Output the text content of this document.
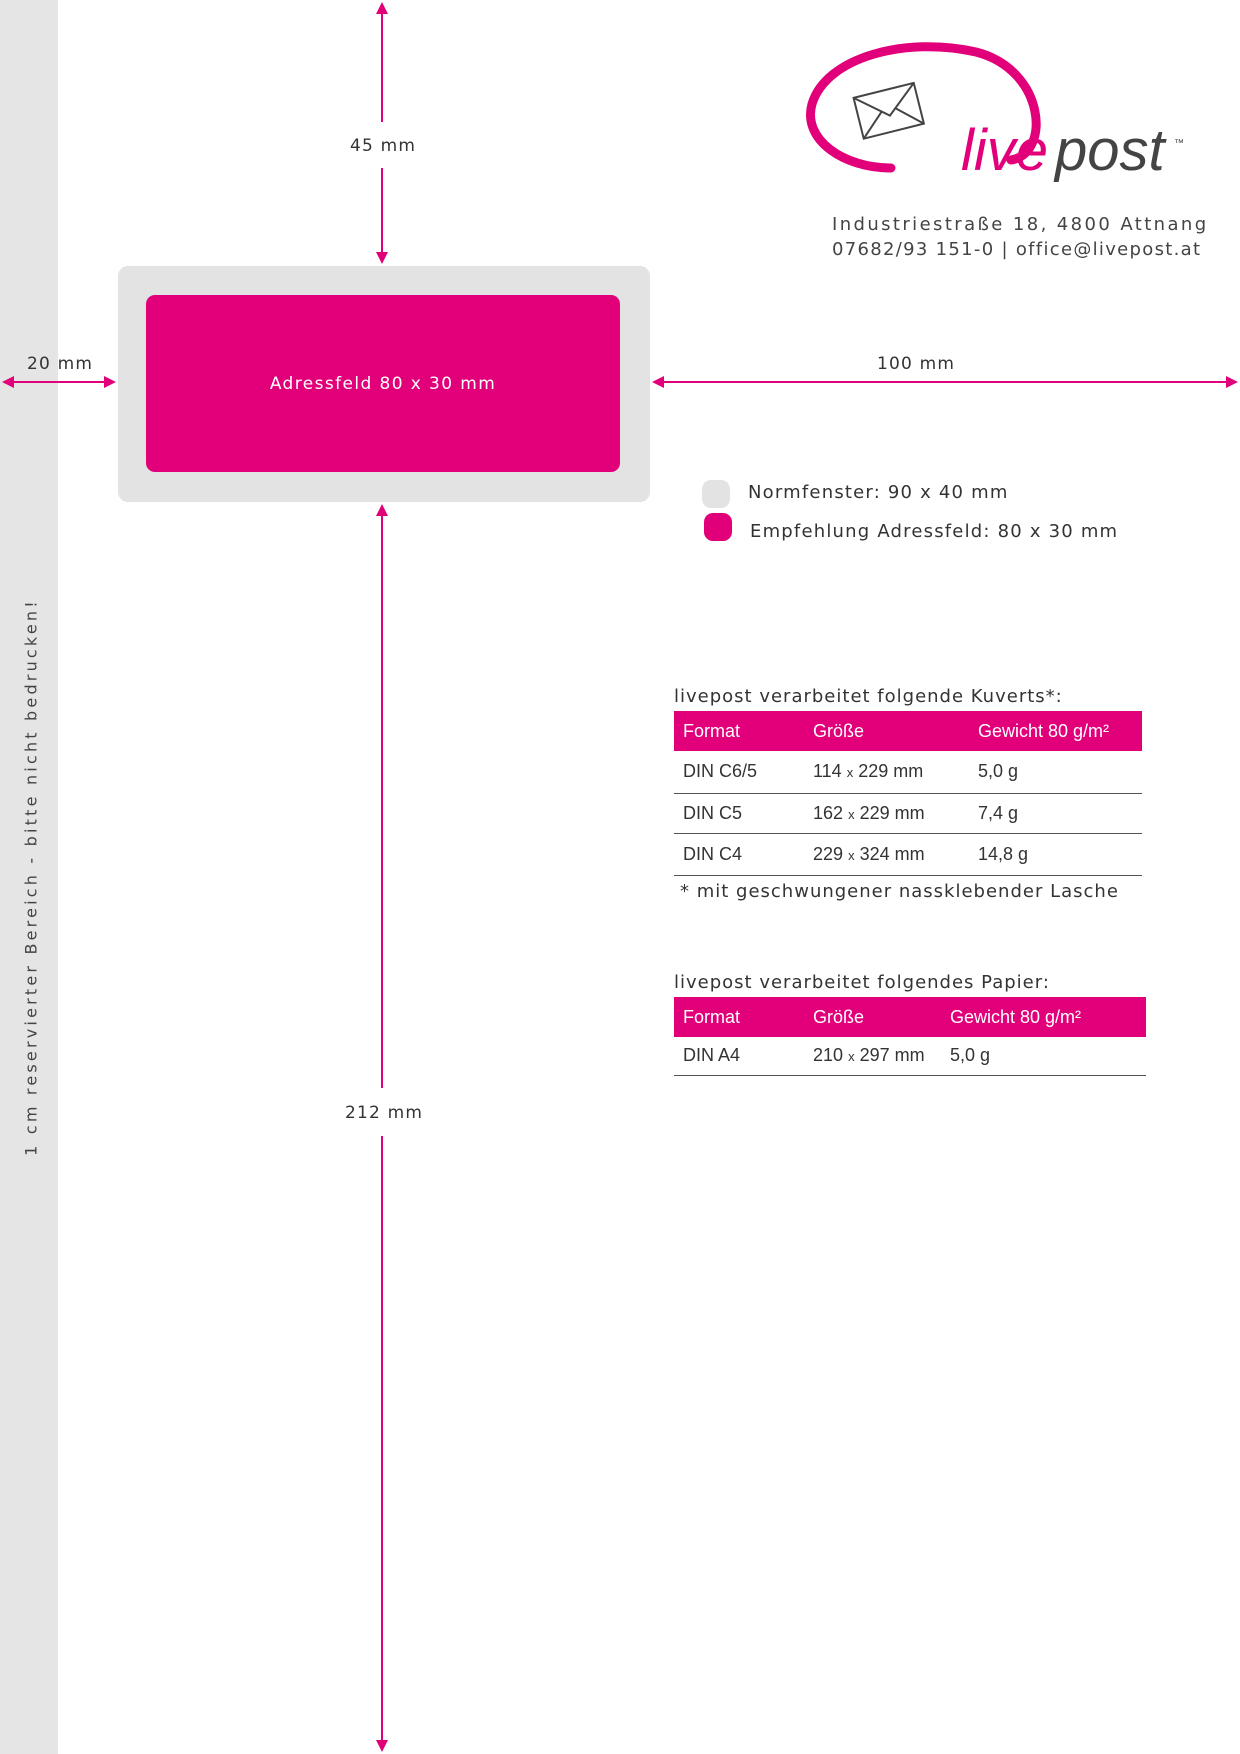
1 cm reservierter Bereich - bitte nicht bedrucken!
45 mm
20 mm	100 mm
212 mm
live post ™
Industriestraße 18, 4800 Attnang
07682/93 151-0 | office@livepost.at
Adressfeld 80 x 30 mm
Normfenster: 90 x 40 mm
Empfehlung Adressfeld: 80 x 30 mm
livepost verarbeitet folgende Kuverts*:
Format	Größe	Gewicht 80 g/m²
DIN C6/5	114 x 229 mm	5,0 g
DIN C5	162 x 229 mm	7,4 g
DIN C4	229 x 324 mm	14,8 g
* mit geschwungener nassklebender Lasche
livepost verarbeitet folgendes Papier:
Format	Größe	Gewicht 80 g/m²
DIN A4	210 x 297 mm	5,0 g
